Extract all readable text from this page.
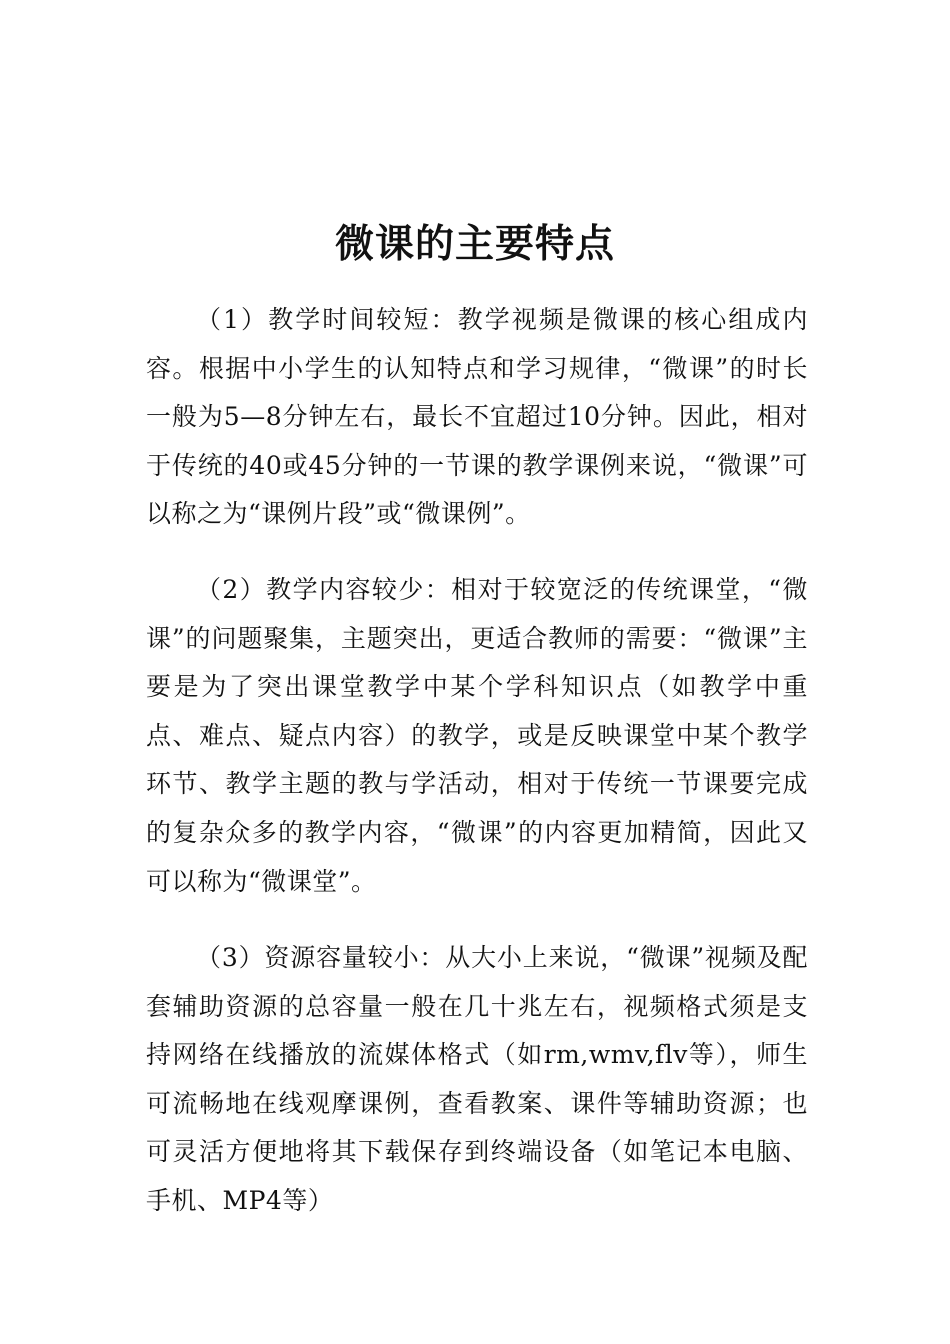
微课的主要特点

（1）教学时间较短：教学视频是微课的核心组成内容。根据中小学生的认知特点和学习规律，“微课”的时长一般为5—8分钟左右，最长不宜超过10分钟。因此，相对于传统的40或45分钟的一节课的教学课例来说，“微课”可以称之为“课例片段”或“微课例”。

（2）教学内容较少：相对于较宽泛的传统课堂，“微课”的问题聚集，主题突出，更适合教师的需要：“微课”主要是为了突出课堂教学中某个学科知识点（如教学中重点、难点、疑点内容）的教学，或是反映课堂中某个教学环节、教学主题的教与学活动，相对于传统一节课要完成的复杂众多的教学内容，“微课”的内容更加精简，因此又可以称为“微课堂”。

（3）资源容量较小：从大小上来说，“微课”视频及配套辅助资源的总容量一般在几十兆左右，视频格式须是支持网络在线播放的流媒体格式（如rm,wmv,flv等），师生可流畅地在线观摩课例，查看教案、课件等辅助资源；也可灵活方便地将其下载保存到终端设备（如笔记本电脑、手机、MP4等）
